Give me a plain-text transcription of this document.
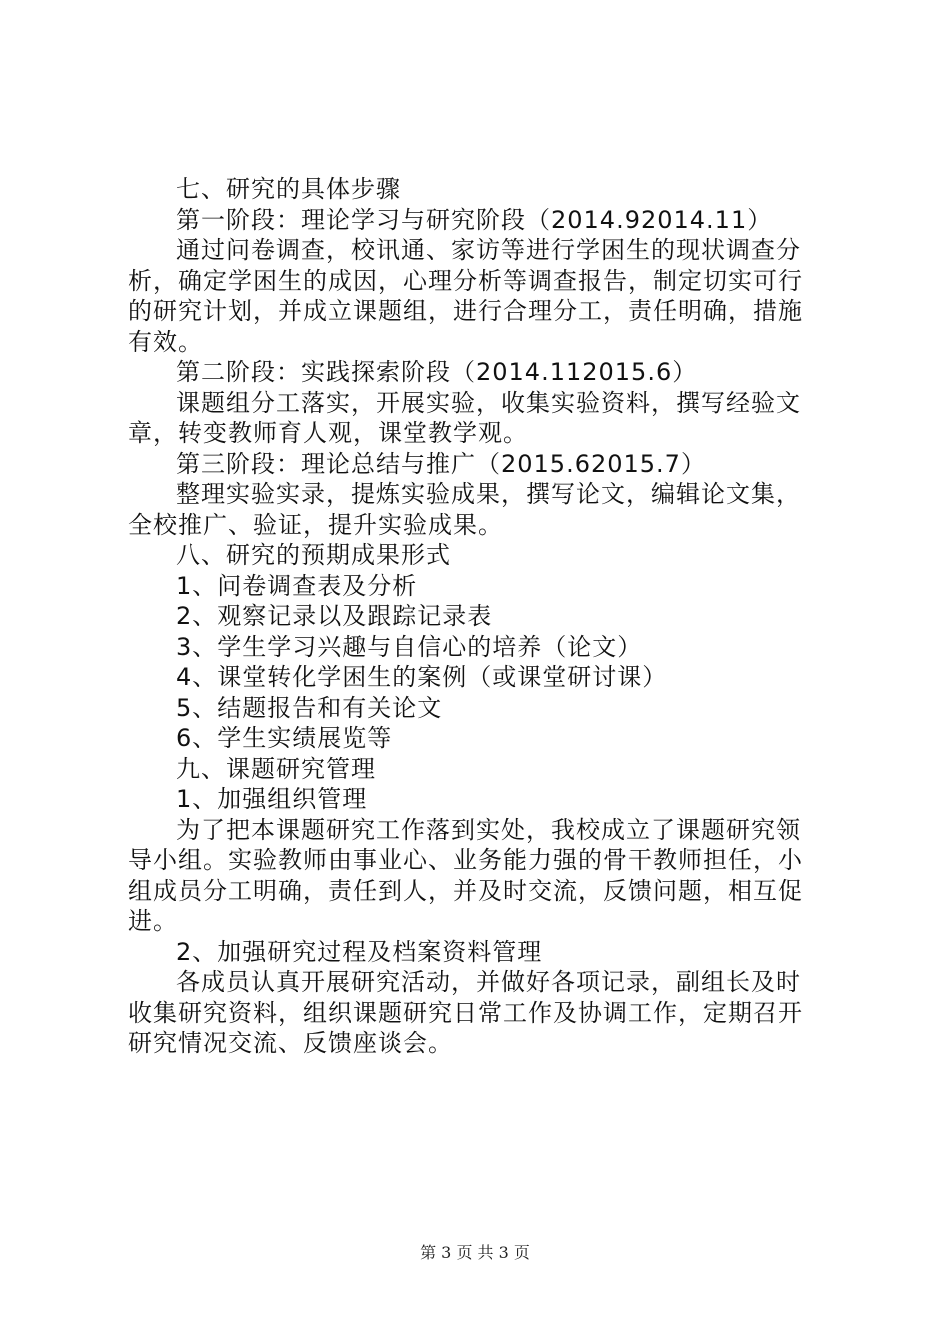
七、研究的具体步骤

第一阶段：理论学习与研究阶段（2014.92014.11）

通过问卷调查，校讯通、家访等进行学困生的现状调查分

析，确定学困生的成因，心理分析等调查报告，制定切实可行

的研究计划，并成立课题组，进行合理分工，责任明确，措施

有效。

第二阶段：实践探索阶段（2014.112015.6）

课题组分工落实，开展实验，收集实验资料，撰写经验文

章，转变教师育人观，课堂教学观。

第三阶段：理论总结与推广（2015.62015.7）

整理实验实录，提炼实验成果，撰写论文，编辑论文集，

全校推广、验证，提升实验成果。

八、研究的预期成果形式

1、问卷调查表及分析

2、观察记录以及跟踪记录表

3、学生学习兴趣与自信心的培养（论文）

4、课堂转化学困生的案例（或课堂研讨课）

5、结题报告和有关论文

6、学生实绩展览等

九、课题研究管理

1、加强组织管理

为了把本课题研究工作落到实处，我校成立了课题研究领

导小组。实验教师由事业心、业务能力强的骨干教师担任，小

组成员分工明确，责任到人，并及时交流，反馈问题，相互促

进。

2、加强研究过程及档案资料管理

各成员认真开展研究活动，并做好各项记录，副组长及时

收集研究资料，组织课题研究日常工作及协调工作，定期召开

研究情况交流、反馈座谈会。

第 3 页 共 3 页
